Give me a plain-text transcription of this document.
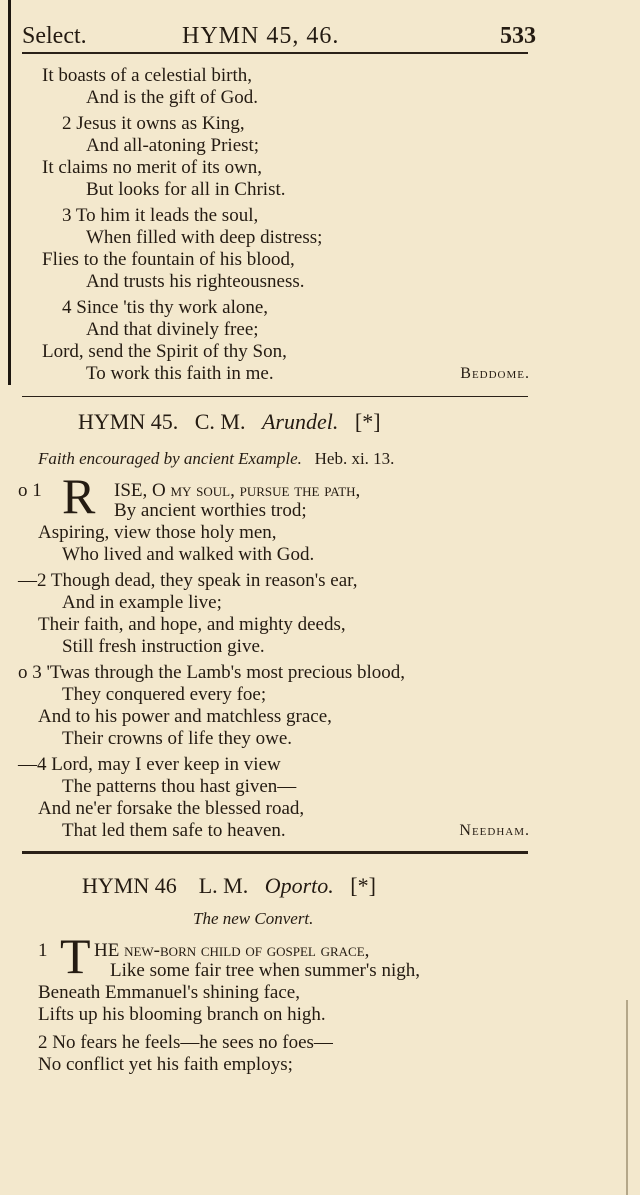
Select.	HYMN 45, 46.	533
It boasts of a celestial birth,
And is the gift of God.
2 Jesus it owns as King,
And all-atoning Priest;
It claims no merit of its own,
But looks for all in Christ.
3 To him it leads the soul,
When filled with deep distress;
Flies to the fountain of his blood,
And trusts his righteousness.
4 Since 'tis thy work alone,
And that divinely free;
Lord, send the Spirit of thy Son,
To work this faith in me.	Beddome.
HYMN 45. C. M. Arundel. [*]
Faith encouraged by ancient Example. Heb. xi. 13.
o 1 R ISE, O my soul, pursue the path,
By ancient worthies trod;
Aspiring, view those holy men,
Who lived and walked with God.
—2 Though dead, they speak in reason's ear,
And in example live;
Their faith, and hope, and mighty deeds,
Still fresh instruction give.
o 3 'Twas through the Lamb's most precious blood,
They conquered every foe;
And to his power and matchless grace,
Their crowns of life they owe.
—4 Lord, may I ever keep in view
The patterns thou hast given—
And ne'er forsake the blessed road,
That led them safe to heaven.	Needham.
HYMN 46 L. M. Oporto. [*]
The new Convert.
1 T HE new-born child of gospel grace,
Like some fair tree when summer's nigh,
Beneath Emmanuel's shining face,
Lifts up his blooming branch on high.
2 No fears he feels—he sees no foes—
No conflict yet his faith employs;
